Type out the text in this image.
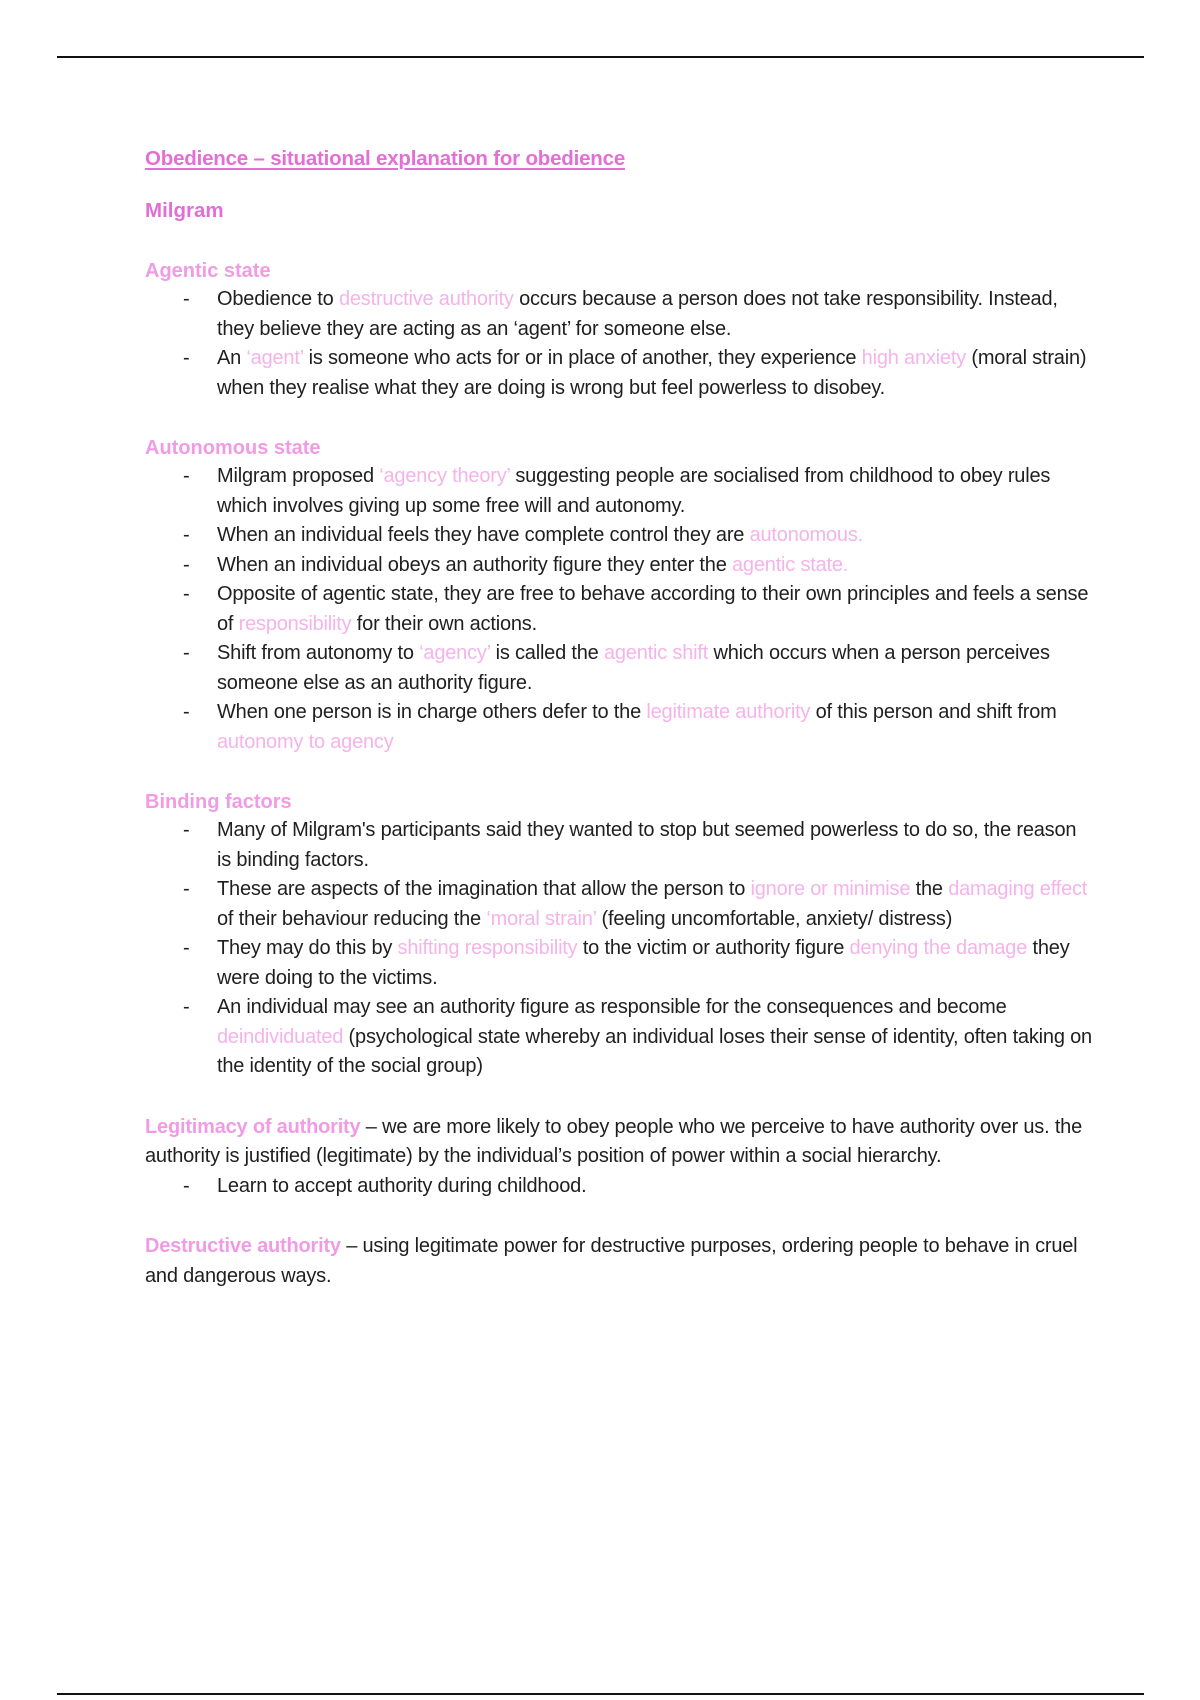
Obedience – situational explanation for obedience
Milgram
Agentic state
- Obedience to destructive authority occurs because a person does not take responsibility. Instead, they believe they are acting as an ‘agent’ for someone else.
- An ‘agent’ is someone who acts for or in place of another, they experience high anxiety (moral strain) when they realise what they are doing is wrong but feel powerless to disobey.
Autonomous state
- Milgram proposed ‘agency theory’ suggesting people are socialised from childhood to obey rules which involves giving up some free will and autonomy.
- When an individual feels they have complete control they are autonomous.
- When an individual obeys an authority figure they enter the agentic state.
- Opposite of agentic state, they are free to behave according to their own principles and feels a sense of responsibility for their own actions.
- Shift from autonomy to ‘agency’ is called the agentic shift which occurs when a person perceives someone else as an authority figure.
- When one person is in charge others defer to the legitimate authority of this person and shift from autonomy to agency
Binding factors
- Many of Milgram's participants said they wanted to stop but seemed powerless to do so, the reason is binding factors.
- These are aspects of the imagination that allow the person to ignore or minimise the damaging effect of their behaviour reducing the ‘moral strain’ (feeling uncomfortable, anxiety/ distress)
- They may do this by shifting responsibility to the victim or authority figure denying the damage they were doing to the victims.
- An individual may see an authority figure as responsible for the consequences and become deindividuated (psychological state whereby an individual loses their sense of identity, often taking on the identity of the social group)

Legitimacy of authority – we are more likely to obey people who we perceive to have authority over us. the authority is justified (legitimate) by the individual’s position of power within a social hierarchy.

- Learn to accept authority during childhood.

Destructive authority – using legitimate power for destructive purposes, ordering people to behave in cruel and dangerous ways.
